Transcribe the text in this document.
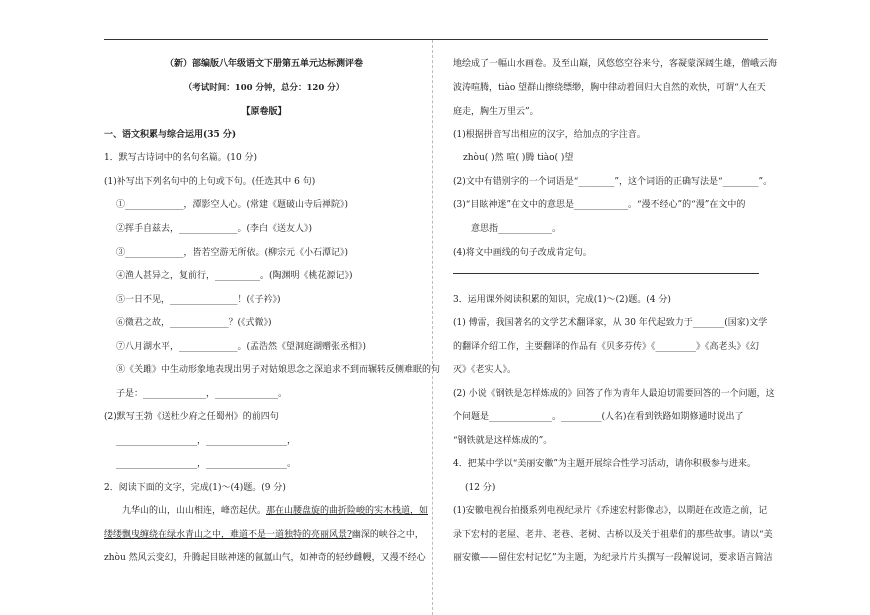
（新）部编版八年级语文下册第五单元达标测评卷
（考试时间：100 分钟，总分：120 分）
【原卷版】
一、语文积累与综合运用(35 分)
1．默写古诗词中的名句名篇。(10 分)
(1)补写出下列名句中的上句或下句。(任选其中 6 句)
①_____________，潭影空人心。(常建《题破山寺后禅院》)
②挥手自兹去，_____________。(李白《送友人》)
③_____________，皆若空游无所依。(柳宗元《小石潭记》)
④渔人甚异之，复前行，__________。(陶渊明《桃花源记》)
⑤一日不见，_______________！(《子衿》)
⑥微君之故，_____________？(《式微》)
⑦八月湖水平，_____________。(孟浩然《望洞庭湖赠张丞相》)
⑧《关雎》中生动形象地表现出男子对姑娘思念之深追求不到而辗转反侧难眠的句
子是：______________，______________。
(2)默写王勃《送杜少府之任蜀州》的前四句
__________________，__________________，
__________________，__________________。
2．阅读下面的文字，完成(1)～(4)题。(9 分)
九华山的山，山山相连，峰峦起伏。那在山腰盘旋的曲折险峻的实木栈道，如
缕缕飘曳缠绕在绿水青山之中，难道不是一道独特的亮丽风景?幽深的峡谷之中，
zhòu 然风云变幻，升腾起目眩神迷的氤氲山气，如神奇的轻纱雌幔，又漫不经心
地绘成了一幅山水画卷。及至山巅，风悠悠空谷来兮，客凝蒙深阔生雄，僧峨云海
波涛喧腾，tiào 望群山擦绕缥缈，胸中律动着回归大自然的欢快，可谓“人在天
庭走，胸生万里云”。
(1)根据拼音写出相应的汉字，给加点的字注音。
zhòu( )然 喧( )腾 tiào( )望
(2)文中有错别字的一个词语是“________”，这个词语的正确写法是“________”。
(3)“目眩神迷”在文中的意思是____________。“漫不经心”的“漫”在文中的
意思指____________。
(4)将文中画线的句子改成肯定句。
3．运用课外阅读积累的知识，完成(1)～(2)题。(4 分)
(1) 傅雷，我国著名的文学艺术翻译家，从 30 年代起致力于_______(国家)文学
的翻译介绍工作，主要翻译的作品有《贝多芬传》《_________》《高老头》《幻
灭》《老实人》。
(2) 小说《钢铁是怎样炼成的》回答了作为青年人最迫切需要回答的一个问题，这
个问题是______________。_________(人名)在看到铁路如期修通时说出了
“钢铁就是这样炼成的”。
4．把某中学以“美丽安徽”为主题开展综合性学习活动，请你积极参与进来。
(12 分)
(1)安徽电视台拍摄系列电视纪录片《乔速宏村影像志》，以期赶在改造之前，记
录下宏村的老屋、老井、老巷、老树、古桥以及关于祖辈们的那些故事。请以“美
丽安徽——留住宏村记忆”为主题，为纪录片片头撰写一段解说词，要求语言简洁
